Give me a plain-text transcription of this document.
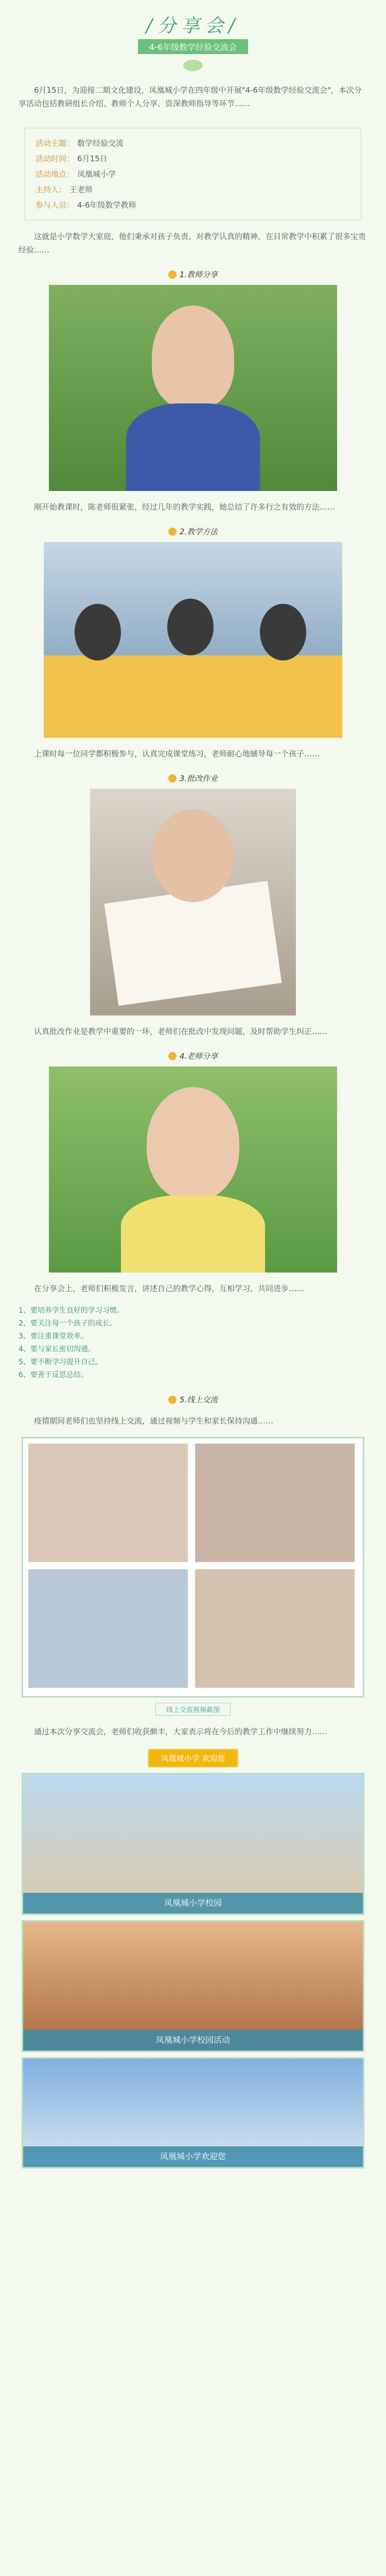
/分享会/
4-6年级数学经验交流会
6月15日，为迎接二期文化建设，凤凰城小学在四年级中开展"4-6年级数学经验交流会"，本次分享活动包括教研组长介绍、教师个人分享、资深教师指导等环节……
活动主题： 数学经验交流
活动时间： 6月15日
活动地点： 凤凰城小学
主持人： 王老师
参与人员： 4-6年级数学教师
这就是小学数学大家庭，他们秉承对孩子负责、对教学认真的精神，在日常教学中积累了很多宝贵经验……
1.教师分享
刚开始教课时，陈老师很紧张，经过几年的教学实践，她总结了许多行之有效的方法……
2.教学方法
上课时每一位同学都积极参与，认真完成课堂练习，老师耐心地辅导每一个孩子……
3.批改作业
认真批改作业是教学中重要的一环，老师们在批改中发现问题，及时帮助学生纠正……
4.老师分享
在分享会上，老师们积极发言，讲述自己的教学心得，互相学习，共同进步……
1、要培养学生良好的学习习惯。
2、要关注每一个孩子的成长。
3、要注重课堂效率。
4、要与家长密切沟通。
5、要不断学习提升自己。
6、要善于反思总结。
5.线上交流
疫情期间老师们也坚持线上交流，通过视频与学生和家长保持沟通……
线上交流视频截图
通过本次分享交流会，老师们收获颇丰，大家表示将在今后的教学工作中继续努力……
凤凰城小学 欢迎您
凤凰城小学校园
凤凰城小学校园活动
凤凰城小学欢迎您
